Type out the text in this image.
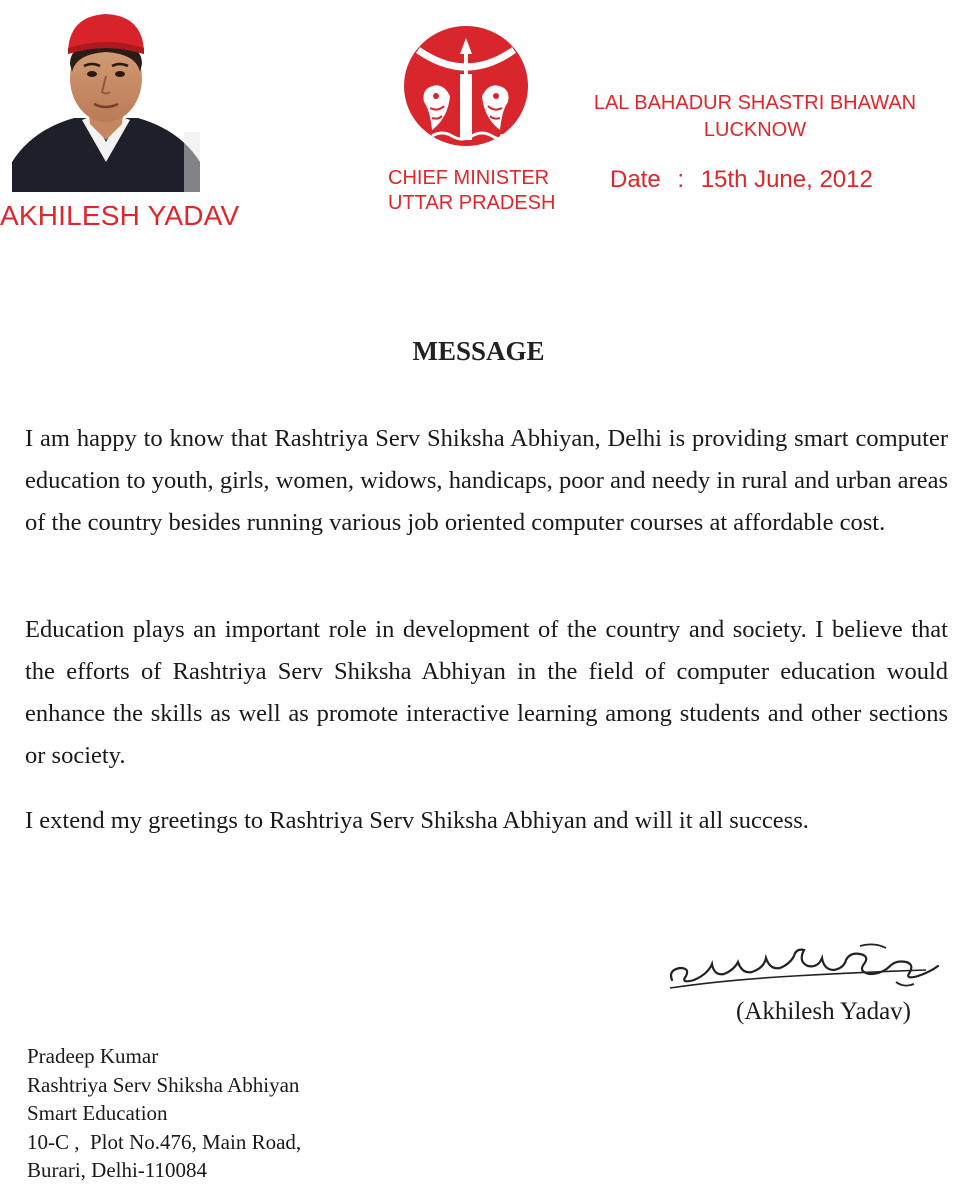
AKHILESH YADAV
CHIEF MINISTER
UTTAR PRADESH
LAL BAHADUR SHASTRI BHAWAN
LUCKNOW
Date : 15th June, 2012
MESSAGE
I am happy to know that Rashtriya Serv Shiksha Abhiyan, Delhi is providing smart computer education to youth, girls, women, widows, handicaps, poor and needy in rural and urban areas of the country besides running various job oriented computer courses at affordable cost.
Education plays an important role in development of the country and society. I believe that the efforts of Rashtriya Serv Shiksha Abhiyan in the field of computer education would enhance the skills as well as promote interactive learning among students and other sections or society.
I extend my greetings to Rashtriya Serv Shiksha Abhiyan and will it all success.
(Akhilesh Yadav)
Pradeep Kumar
Rashtriya Serv Shiksha Abhiyan
Smart Education
10-C ,  Plot No.476, Main Road,
Burari, Delhi-110084
